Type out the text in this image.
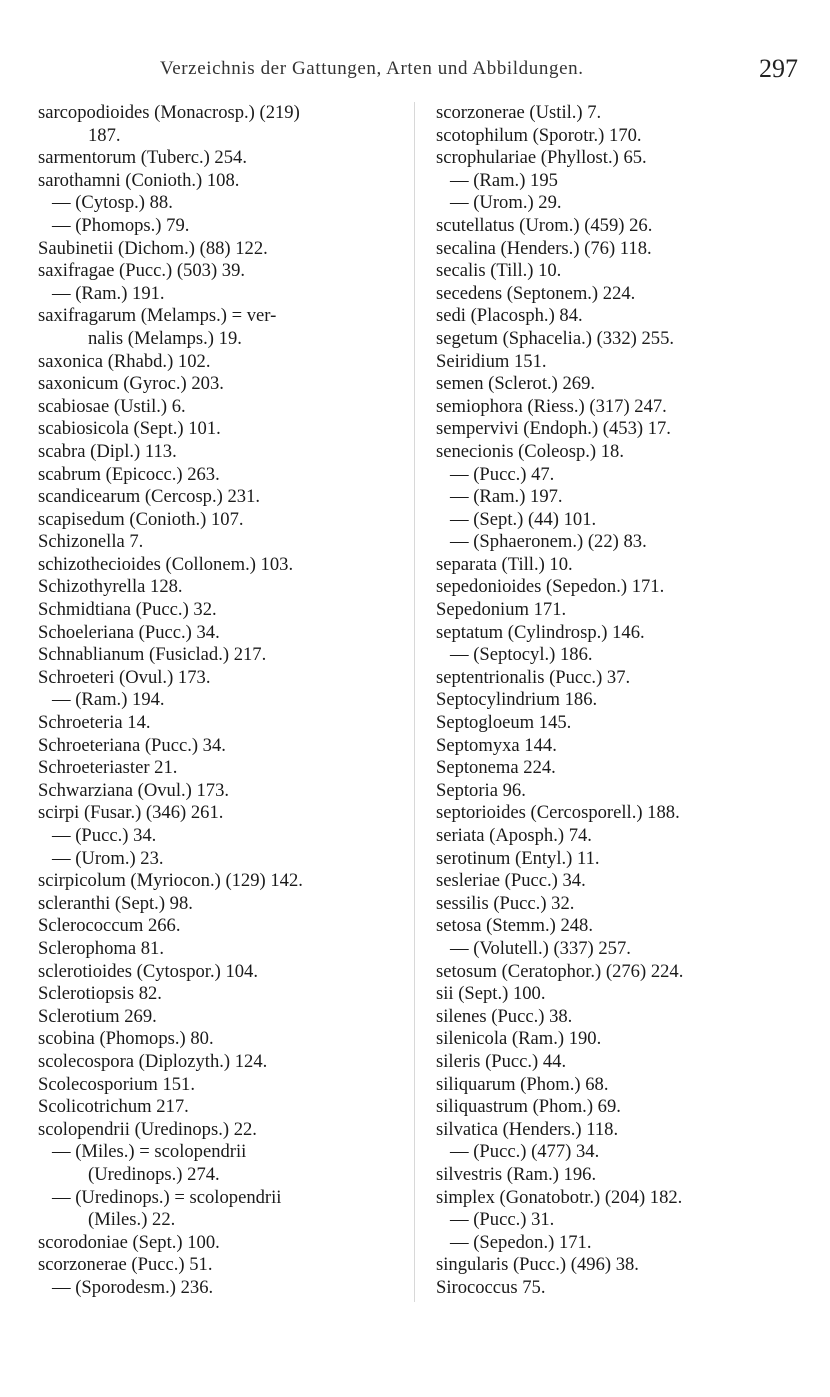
Verzeichnis der Gattungen, Arten und Abbildungen.	297
sarcopodioides (Monacrosp.) (219)
187.
sarmentorum (Tuberc.) 254.
sarothamni (Conioth.) 108.
— (Cytosp.) 88.
— (Phomops.) 79.
Saubinetii (Dichom.) (88) 122.
saxifragae (Pucc.) (503) 39.
— (Ram.) 191.
saxifragarum (Melamps.) = ver-
nalis (Melamps.) 19.
saxonica (Rhabd.) 102.
saxonicum (Gyroc.) 203.
scabiosae (Ustil.) 6.
scabiosicola (Sept.) 101.
scabra (Dipl.) 113.
scabrum (Epicocc.) 263.
scandicearum (Cercosp.) 231.
scapisedum (Conioth.) 107.
Schizonella 7.
schizothecioides (Collonem.) 103.
Schizothyrella 128.
Schmidtiana (Pucc.) 32.
Schoeleriana (Pucc.) 34.
Schnablianum (Fusiclad.) 217.
Schroeteri (Ovul.) 173.
— (Ram.) 194.
Schroeteria 14.
Schroeteriana (Pucc.) 34.
Schroeteriaster 21.
Schwarziana (Ovul.) 173.
scirpi (Fusar.) (346) 261.
— (Pucc.) 34.
— (Urom.) 23.
scirpicolum (Myriocon.) (129) 142.
scleranthi (Sept.) 98.
Sclerococcum 266.
Sclerophoma 81.
sclerotioides (Cytospor.) 104.
Sclerotiopsis 82.
Sclerotium 269.
scobina (Phomops.) 80.
scolecospora (Diplozyth.) 124.
Scolecosporium 151.
Scolicotrichum 217.
scolopendrii (Uredinops.) 22.
— (Miles.) = scolopendrii
(Uredinops.) 274.
— (Uredinops.) = scolopendrii
(Miles.) 22.
scorodoniae (Sept.) 100.
scorzonerae (Pucc.) 51.
— (Sporodesm.) 236.
scorzonerae (Ustil.) 7.
scotophilum (Sporotr.) 170.
scrophulariae (Phyllost.) 65.
— (Ram.) 195
— (Urom.) 29.
scutellatus (Urom.) (459) 26.
secalina (Henders.) (76) 118.
secalis (Till.) 10.
secedens (Septonem.) 224.
sedi (Placosph.) 84.
segetum (Sphacelia.) (332) 255.
Seiridium 151.
semen (Sclerot.) 269.
semiophora (Riess.) (317) 247.
sempervivi (Endoph.) (453) 17.
senecionis (Coleosp.) 18.
— (Pucc.) 47.
— (Ram.) 197.
— (Sept.) (44) 101.
— (Sphaeronem.) (22) 83.
separata (Till.) 10.
sepedonioides (Sepedon.) 171.
Sepedonium 171.
septatum (Cylindrosp.) 146.
— (Septocyl.) 186.
septentrionalis (Pucc.) 37.
Septocylindrium 186.
Septogloeum 145.
Septomyxa 144.
Septonema 224.
Septoria 96.
septorioides (Cercosporell.) 188.
seriata (Aposph.) 74.
serotinum (Entyl.) 11.
sesleriae (Pucc.) 34.
sessilis (Pucc.) 32.
setosa (Stemm.) 248.
— (Volutell.) (337) 257.
setosum (Ceratophor.) (276) 224.
sii (Sept.) 100.
silenes (Pucc.) 38.
silenicola (Ram.) 190.
sileris (Pucc.) 44.
siliquarum (Phom.) 68.
siliquastrum (Phom.) 69.
silvatica (Henders.) 118.
— (Pucc.) (477) 34.
silvestris (Ram.) 196.
simplex (Gonatobotr.) (204) 182.
— (Pucc.) 31.
— (Sepedon.) 171.
singularis (Pucc.) (496) 38.
Sirococcus 75.
